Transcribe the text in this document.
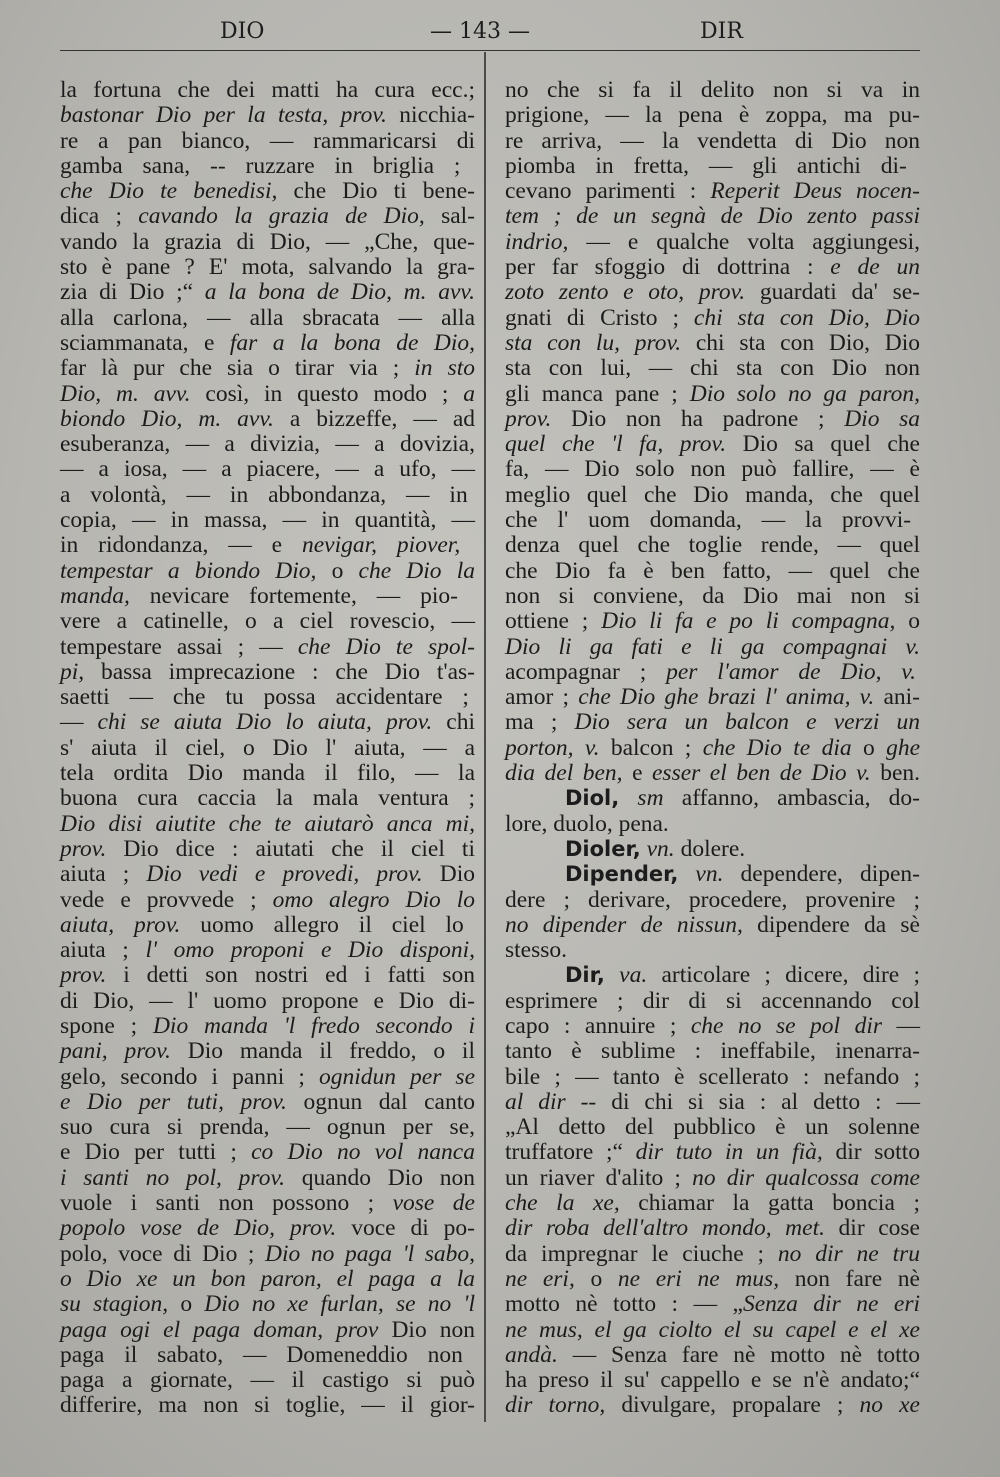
DIO	— 143 —	DIR
la fortuna che dei matti ha cura ecc.;
bastonar Dio per la testa, prov. nicchia-
re a pan bianco, — rammaricarsi di
gamba sana, -- ruzzare in briglia ;
che Dio te benedisi, che Dio ti bene-
dica ; cavando la grazia de Dio, sal-
vando la grazia di Dio, — „Che, que-
sto è pane ? E' mota, salvando la gra-
zia di Dio ;“ a la bona de Dio, m. avv.
alla carlona, — alla sbracata — alla
sciammanata, e far a la bona de Dio,
far là pur che sia o tirar via ; in sto
Dio, m. avv. così, in questo modo ; a
biondo Dio, m. avv. a bizzeffe, — ad
esuberanza, — a divizia, — a dovizia,
— a iosa, — a piacere, — a ufo, —
a volontà, — in abbondanza, — in
copia, — in massa, — in quantità, —
in ridondanza, — e nevigar, piover,
tempestar a biondo Dio, o che Dio la
manda, nevicare fortemente, — pio-
vere a catinelle, o a ciel rovescio, —
tempestare assai ; — che Dio te spol-
pi, bassa imprecazione : che Dio t'as-
saetti — che tu possa accidentare ;
— chi se aiuta Dio lo aiuta, prov. chi
s' aiuta il ciel, o Dio l' aiuta, — a
tela ordita Dio manda il filo, — la
buona cura caccia la mala ventura ;
Dio disi aiutite che te aiutarò anca mi,
prov. Dio dice : aiutati che il ciel ti
aiuta ; Dio vedi e provedi, prov. Dio
vede e provvede ; omo alegro Dio lo
aiuta, prov. uomo allegro il ciel lo
aiuta ; l' omo proponi e Dio disponi,
prov. i detti son nostri ed i fatti son
di Dio, — l' uomo propone e Dio di-
spone ; Dio manda 'l fredo secondo i
pani, prov. Dio manda il freddo, o il
gelo, secondo i panni ; ognidun per se
e Dio per tuti, prov. ognun dal canto
suo cura si prenda, — ognun per se,
e Dio per tutti ; co Dio no vol nanca
i santi no pol, prov. quando Dio non
vuole i santi non possono ; vose de
popolo vose de Dio, prov. voce di po-
polo, voce di Dio ; Dio no paga 'l sabo,
o Dio xe un bon paron, el paga a la
su stagion, o Dio no xe furlan, se no 'l
paga ogi el paga doman, prov Dio non
paga il sabato, — Domeneddio non
paga a giornate, — il castigo si può
differire, ma non si toglie, — il gior-
no che si fa il delito non si va in
prigione, — la pena è zoppa, ma pu-
re arriva, — la vendetta di Dio non
piomba in fretta, — gli antichi di-
cevano parimenti : Reperit Deus nocen-
tem ; de un segnà de Dio zento passi
indrio, — e qualche volta aggiungesi,
per far sfoggio di dottrina : e de un
zoto zento e oto, prov. guardati da' se-
gnati di Cristo ; chi sta con Dio, Dio
sta con lu, prov. chi sta con Dio, Dio
sta con lui, — chi sta con Dio non
gli manca pane ; Dio solo no ga paron,
prov. Dio non ha padrone ; Dio sa
quel che 'l fa, prov. Dio sa quel che
fa, — Dio solo non può fallire, — è
meglio quel che Dio manda, che quel
che l' uom domanda, — la provvi-
denza quel che toglie rende, — quel
che Dio fa è ben fatto, — quel che
non si conviene, da Dio mai non si
ottiene ; Dio li fa e po li compagna, o
Dio li ga fati e li ga compagnai v.
acompagnar ; per l'amor de Dio, v.
amor ; che Dio ghe brazi l' anima, v. ani-
ma ; Dio sera un balcon e verzi un
porton, v. balcon ; che Dio te dia o ghe
dia del ben, e esser el ben de Dio v. ben.
Diol, sm affanno, ambascia, do-
lore, duolo, pena.
Dioler, vn. dolere.
Dipender, vn. dependere, dipen-
dere ; derivare, procedere, provenire ;
no dipender de nissun, dipendere da sè
stesso.
Dir, va. articolare ; dicere, dire ;
esprimere ; dir di si accennando col
capo : annuire ; che no se pol dir —
tanto è sublime : ineffabile, inenarra-
bile ; — tanto è scellerato : nefando ;
al dir -- di chi si sia : al detto : —
„Al detto del pubblico è un solenne
truffatore ;“ dir tuto in un fià, dir sotto
un riaver d'alito ; no dir qualcossa come
che la xe, chiamar la gatta boncia ;
dir roba dell'altro mondo, met. dir cose
da impregnar le ciuche ; no dir ne tru
ne eri, o ne eri ne mus, non fare nè
motto nè totto : — „Senza dir ne eri
ne mus, el ga ciolto el su capel e el xe
andà. — Senza fare nè motto nè totto
ha preso il su' cappello e se n'è andato;“
dir torno, divulgare, propalare ; no xe
